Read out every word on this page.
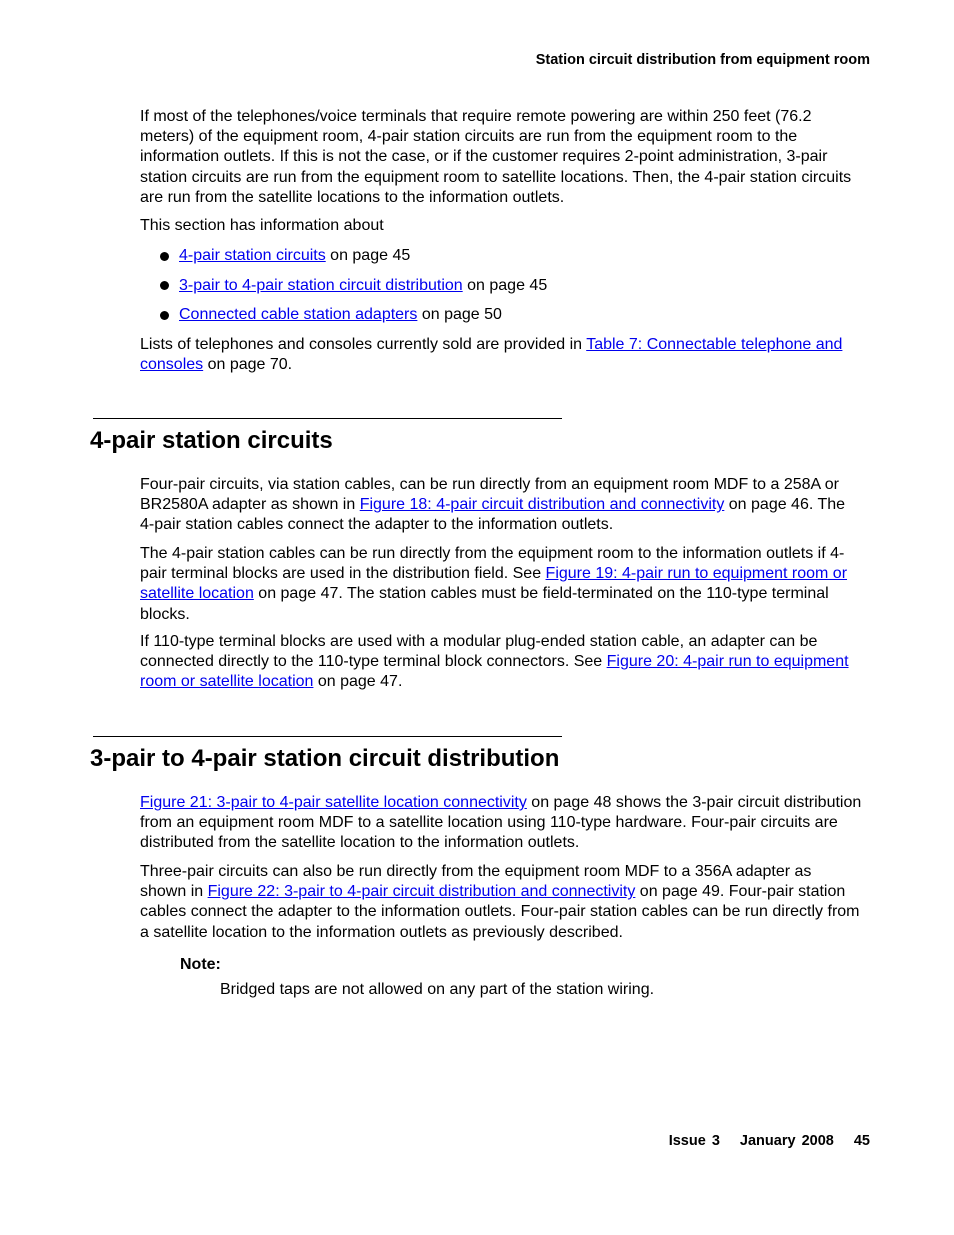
Station circuit distribution from equipment room

If most of the telephones/voice terminals that require remote powering are within 250 feet (76.2 meters) of the equipment room, 4-pair station circuits are run from the equipment room to the information outlets. If this is not the case, or if the customer requires 2-point administration, 3-pair station circuits are run from the equipment room to satellite locations. Then, the 4-pair station circuits are run from the satellite locations to the information outlets.

This section has information about
4-pair station circuits on page 45
3-pair to 4-pair station circuit distribution on page 45
Connected cable station adapters on page 50

Lists of telephones and consoles currently sold are provided in Table 7: Connectable telephone and consoles on page 70.

4-pair station circuits

Four-pair circuits, via station cables, can be run directly from an equipment room MDF to a 258A or BR2580A adapter as shown in Figure 18: 4-pair circuit distribution and connectivity on page 46. The 4-pair station cables connect the adapter to the information outlets.

The 4-pair station cables can be run directly from the equipment room to the information outlets if 4-pair terminal blocks are used in the distribution field. See Figure 19: 4-pair run to equipment room or satellite location on page 47. The station cables must be field-terminated on the 110-type terminal blocks.

If 110-type terminal blocks are used with a modular plug-ended station cable, an adapter can be connected directly to the 110-type terminal block connectors. See Figure 20: 4-pair run to equipment room or satellite location on page 47.

3-pair to 4-pair station circuit distribution

Figure 21: 3-pair to 4-pair satellite location connectivity on page 48 shows the 3-pair circuit distribution from an equipment room MDF to a satellite location using 110-type hardware. Four-pair circuits are distributed from the satellite location to the information outlets.

Three-pair circuits can also be run directly from the equipment room MDF to a 356A adapter as shown in Figure 22: 3-pair to 4-pair circuit distribution and connectivity on page 49. Four-pair station cables connect the adapter to the information outlets. Four-pair station cables can be run directly from a satellite location to the information outlets as previously described.

Note:
Bridged taps are not allowed on any part of the station wiring.
Issue 3 January 2008 45
